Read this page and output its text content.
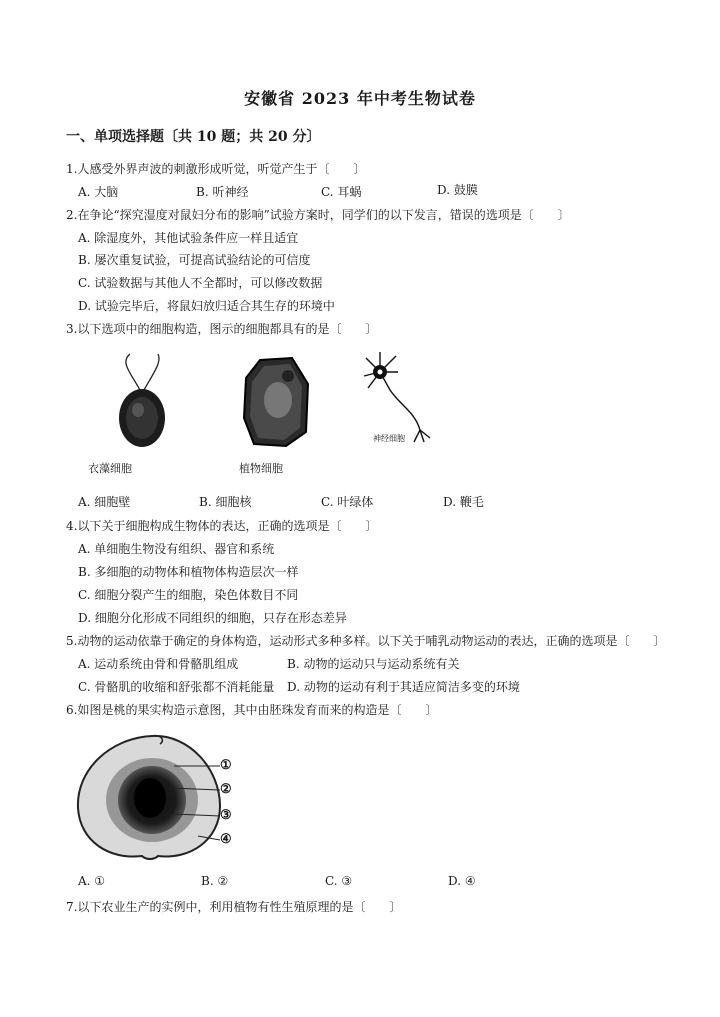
安徽省 2023 年中考生物试卷
一、单项选择题〔共 10 题；共 20 分〕
1.人感受外界声波的刺激形成听觉，听觉产生于〔　　〕
A. 大脑	B. 听神经	C. 耳蜗	D. 鼓膜
2.在争论“探究湿度对鼠妇分布的影响”试验方案时，同学们的以下发言，错误的选项是〔　　〕
A. 除湿度外，其他试验条件应一样且适宜
B. 屡次重复试验，可提高试验结论的可信度
C. 试验数据与其他人不全都时，可以修改数据
D. 试验完毕后，将鼠妇放归适合其生存的环境中
3.以下选项中的细胞构造，图示的细胞都具有的是〔　　〕
衣藻细胞	植物细胞
神经细胞
A. 细胞壁	B. 细胞核	C. 叶绿体	D. 鞭毛
4.以下关于细胞构成生物体的表达，正确的选项是〔　　〕
A. 单细胞生物没有组织、器官和系统
B. 多细胞的动物体和植物体构造层次一样
C. 细胞分裂产生的细胞，染色体数目不同
D. 细胞分化形成不同组织的细胞，只存在形态差异
5.动物的运动依靠于确定的身体构造，运动形式多种多样。以下关于哺乳动物运动的表达，正确的选项是〔　　〕
A. 运动系统由骨和骨骼肌组成	B. 动物的运动只与运动系统有关
C. 骨骼肌的收缩和舒张都不消耗能量 D. 动物的运动有利于其适应简洁多变的环境
6.如图是桃的果实构造示意图，其中由胚珠发育而来的构造是〔　　〕
①
②
③
④
A. ①	B. ②	C. ③	D. ④
7.以下农业生产的实例中，利用植物有性生殖原理的是〔　　〕
